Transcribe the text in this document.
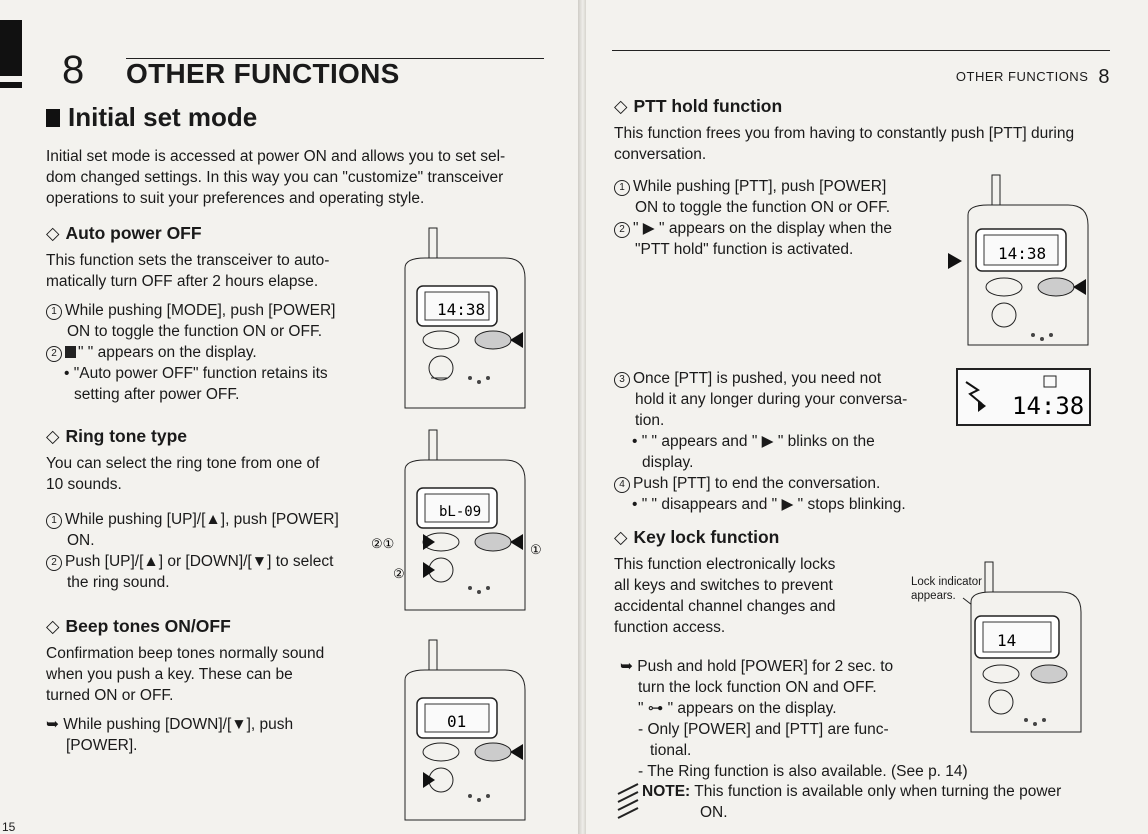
8 OTHER FUNCTIONS
Initial set mode
Initial set mode is accessed at power ON and allows you to set sel-
dom changed settings. In this way you can "customize" transceiver
operations to suit your preferences and operating style.
◇ Auto power OFF
This function sets the transceiver to auto-
matically turn OFF after 2 hours elapse.
1 While pushing [MODE], push [POWER]
ON to toggle the function ON or OFF.
2 " " appears on the display.
• "Auto power OFF" function retains its
setting after power OFF.
◇ Ring tone type
You can select the ring tone from one of
10 sounds.
1 While pushing [UP]/[▲], push [POWER]
ON.
2 Push [UP]/[▲] or [DOWN]/[▼] to select
the ring sound.
◇ Beep tones ON/OFF
Confirmation beep tones normally sound
when you push a key. These can be
turned ON or OFF.
➥ While pushing [DOWN]/[▼], push
[POWER].
14:38
bL-09
②①	①
②
01
15
OTHER FUNCTIONS 8
◇ PTT hold function
This function frees you from having to constantly push [PTT] during
conversation.
1 While pushing [PTT], push [POWER]
ON to toggle the function ON or OFF.
2 " ▶ " appears on the display when the
"PTT hold" function is activated.
3 Once [PTT] is pushed, you need not
hold it any longer during your conversa-
tion.
• " " appears and " ▶ " blinks on the
display.
4 Push [PTT] to end the conversation.
• " " disappears and " ▶ " stops blinking.
14:38
14:38
◇ Key lock function
This function electronically locks
all keys and switches to prevent
accidental channel changes and
function access.
Lock indicator
appears.
14
➥ Push and hold [POWER] for 2 sec. to
turn the lock function ON and OFF.
" ⊶ " appears on the display.
- Only [POWER] and [PTT] are func-
tional.
- The Ring function is also available. (See p. 14)
NOTE: This function is available only when turning the power
ON.
